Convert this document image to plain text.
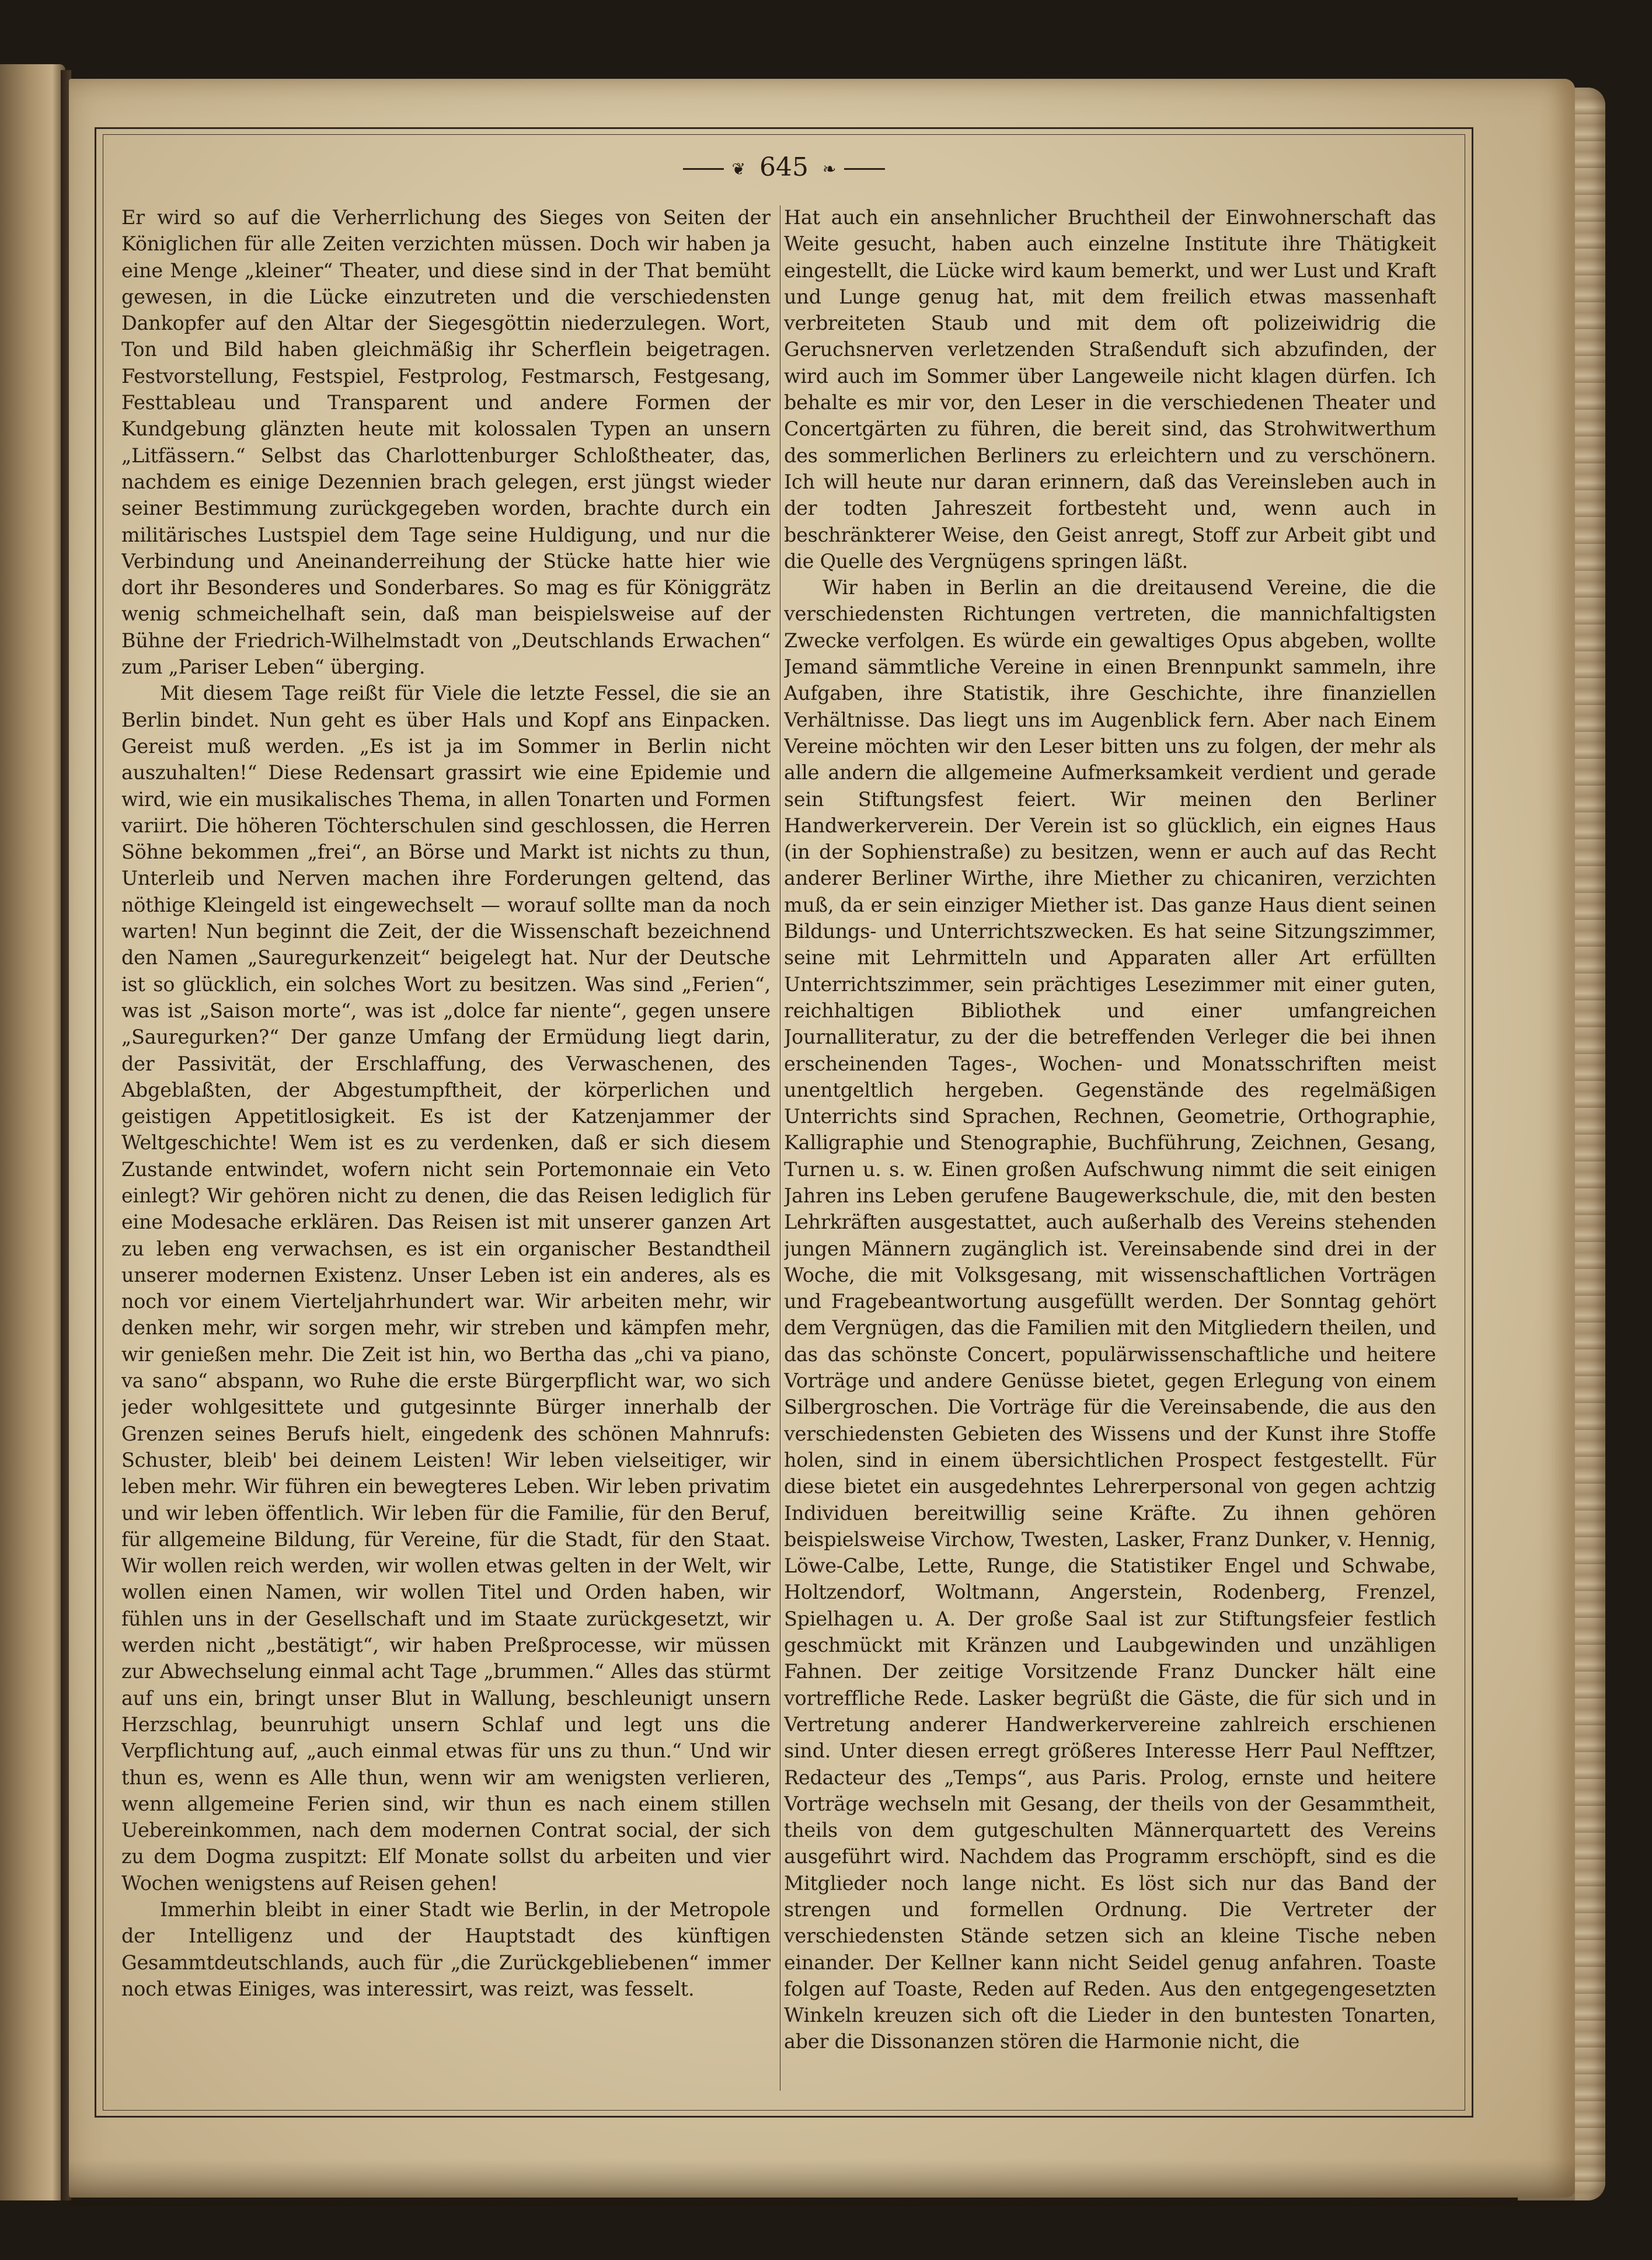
❦ 645 ❧

Er wird so auf die Verherrlichung des Sieges von Seiten der Königlichen für alle Zeiten verzichten müssen. Doch wir haben ja eine Menge „kleiner“ Theater, und diese sind in der That bemüht gewesen, in die Lücke einzutreten und die verschiedensten Dankopfer auf den Altar der Siegesgöttin niederzulegen. Wort, Ton und Bild haben gleichmäßig ihr Scherflein beigetragen. Festvorstellung, Festspiel, Festprolog, Festmarsch, Festgesang, Festtableau und Transparent und andere Formen der Kundgebung glänzten heute mit kolossalen Typen an unsern „Litfässern.“ Selbst das Charlottenburger Schloßtheater, das, nachdem es einige Dezennien brach gelegen, erst jüngst wieder seiner Bestimmung zurückgegeben worden, brachte durch ein militärisches Lustspiel dem Tage seine Huldigung, und nur die Verbindung und Aneinanderreihung der Stücke hatte hier wie dort ihr Besonderes und Sonderbares. So mag es für Königgrätz wenig schmeichelhaft sein, daß man beispielsweise auf der Bühne der Friedrich-Wilhelmstadt von „Deutschlands Erwachen“ zum „Pariser Leben“ überging.

Mit diesem Tage reißt für Viele die letzte Fessel, die sie an Berlin bindet. Nun geht es über Hals und Kopf ans Einpacken. Gereist muß werden. „Es ist ja im Sommer in Berlin nicht auszuhalten!“ Diese Redensart grassirt wie eine Epidemie und wird, wie ein musikalisches Thema, in allen Tonarten und Formen variirt. Die höheren Töchterschulen sind geschlossen, die Herren Söhne bekommen „frei“, an Börse und Markt ist nichts zu thun, Unterleib und Nerven machen ihre Forderungen geltend, das nöthige Kleingeld ist eingewechselt — worauf sollte man da noch warten! Nun beginnt die Zeit, der die Wissenschaft bezeichnend den Namen „Sauregurkenzeit“ beigelegt hat. Nur der Deutsche ist so glücklich, ein solches Wort zu besitzen. Was sind „Ferien“, was ist „Saison morte“, was ist „dolce far niente“, gegen unsere „Sauregurken?“ Der ganze Umfang der Ermüdung liegt darin, der Passivität, der Erschlaffung, des Verwaschenen, des Abgeblaßten, der Abgestumpftheit, der körperlichen und geistigen Appetitlosigkeit. Es ist der Katzenjammer der Weltgeschichte! Wem ist es zu verdenken, daß er sich diesem Zustande entwindet, wofern nicht sein Portemonnaie ein Veto einlegt? Wir gehören nicht zu denen, die das Reisen lediglich für eine Modesache erklären. Das Reisen ist mit unserer ganzen Art zu leben eng verwachsen, es ist ein organischer Bestandtheil unserer modernen Existenz. Unser Leben ist ein anderes, als es noch vor einem Vierteljahrhundert war. Wir arbeiten mehr, wir denken mehr, wir sorgen mehr, wir streben und kämpfen mehr, wir genießen mehr. Die Zeit ist hin, wo Bertha das „chi va piano, va sano“ abspann, wo Ruhe die erste Bürgerpflicht war, wo sich jeder wohlgesittete und gutgesinnte Bürger innerhalb der Grenzen seines Berufs hielt, eingedenk des schönen Mahnrufs: Schuster, bleib' bei deinem Leisten! Wir leben vielseitiger, wir leben mehr. Wir führen ein bewegteres Leben. Wir leben privatim und wir leben öffentlich. Wir leben für die Familie, für den Beruf, für allgemeine Bildung, für Vereine, für die Stadt, für den Staat. Wir wollen reich werden, wir wollen etwas gelten in der Welt, wir wollen einen Namen, wir wollen Titel und Orden haben, wir fühlen uns in der Gesellschaft und im Staate zurückgesetzt, wir werden nicht „bestätigt“, wir haben Preßprocesse, wir müssen zur Abwechselung einmal acht Tage „brummen.“ Alles das stürmt auf uns ein, bringt unser Blut in Wallung, beschleunigt unsern Herzschlag, beunruhigt unsern Schlaf und legt uns die Verpflichtung auf, „auch einmal etwas für uns zu thun.“ Und wir thun es, wenn es Alle thun, wenn wir am wenigsten verlieren, wenn allgemeine Ferien sind, wir thun es nach einem stillen Uebereinkommen, nach dem modernen Contrat social, der sich zu dem Dogma zuspitzt: Elf Monate sollst du arbeiten und vier Wochen wenigstens auf Reisen gehen!

Immerhin bleibt in einer Stadt wie Berlin, in der Metropole der Intelligenz und der Hauptstadt des künftigen Gesammtdeutschlands, auch für „die Zurückgebliebenen“ immer noch etwas Einiges, was interessirt, was reizt, was fesselt.

Hat auch ein ansehnlicher Bruchtheil der Einwohnerschaft das Weite gesucht, haben auch einzelne Institute ihre Thätigkeit eingestellt, die Lücke wird kaum bemerkt, und wer Lust und Kraft und Lunge genug hat, mit dem freilich etwas massenhaft verbreiteten Staub und mit dem oft polizeiwidrig die Geruchsnerven verletzenden Straßenduft sich abzufinden, der wird auch im Sommer über Langeweile nicht klagen dürfen. Ich behalte es mir vor, den Leser in die verschiedenen Theater und Concertgärten zu führen, die bereit sind, das Strohwitwerthum des sommerlichen Berliners zu erleichtern und zu verschönern. Ich will heute nur daran erinnern, daß das Vereinsleben auch in der todten Jahreszeit fortbesteht und, wenn auch in beschränkterer Weise, den Geist anregt, Stoff zur Arbeit gibt und die Quelle des Vergnügens springen läßt.

Wir haben in Berlin an die dreitausend Vereine, die die verschiedensten Richtungen vertreten, die mannichfaltigsten Zwecke verfolgen. Es würde ein gewaltiges Opus abgeben, wollte Jemand sämmtliche Vereine in einen Brennpunkt sammeln, ihre Aufgaben, ihre Statistik, ihre Geschichte, ihre finanziellen Verhältnisse. Das liegt uns im Augenblick fern. Aber nach Einem Vereine möchten wir den Leser bitten uns zu folgen, der mehr als alle andern die allgemeine Aufmerksamkeit verdient und gerade sein Stiftungsfest feiert. Wir meinen den Berliner Handwerkerverein. Der Verein ist so glücklich, ein eignes Haus (in der Sophienstraße) zu besitzen, wenn er auch auf das Recht anderer Berliner Wirthe, ihre Miether zu chicaniren, verzichten muß, da er sein einziger Miether ist. Das ganze Haus dient seinen Bildungs- und Unterrichtszwecken. Es hat seine Sitzungszimmer, seine mit Lehrmitteln und Apparaten aller Art erfüllten Unterrichtszimmer, sein prächtiges Lesezimmer mit einer guten, reichhaltigen Bibliothek und einer umfangreichen Journalliteratur, zu der die betreffenden Verleger die bei ihnen erscheinenden Tages-, Wochen- und Monatsschriften meist unentgeltlich hergeben. Gegenstände des regelmäßigen Unterrichts sind Sprachen, Rechnen, Geometrie, Orthographie, Kalligraphie und Stenographie, Buchführung, Zeichnen, Gesang, Turnen u. s. w. Einen großen Aufschwung nimmt die seit einigen Jahren ins Leben gerufene Baugewerkschule, die, mit den besten Lehrkräften ausgestattet, auch außerhalb des Vereins stehenden jungen Männern zugänglich ist. Vereinsabende sind drei in der Woche, die mit Volksgesang, mit wissenschaftlichen Vorträgen und Fragebeantwortung ausgefüllt werden. Der Sonntag gehört dem Vergnügen, das die Familien mit den Mitgliedern theilen, und das das schönste Concert, populärwissenschaftliche und heitere Vorträge und andere Genüsse bietet, gegen Erlegung von einem Silbergroschen. Die Vorträge für die Vereinsabende, die aus den verschiedensten Gebieten des Wissens und der Kunst ihre Stoffe holen, sind in einem übersichtlichen Prospect festgestellt. Für diese bietet ein ausgedehntes Lehrerpersonal von gegen achtzig Individuen bereitwillig seine Kräfte. Zu ihnen gehören beispielsweise Virchow, Twesten, Lasker, Franz Dunker, v. Hennig, Löwe-Calbe, Lette, Runge, die Statistiker Engel und Schwabe, Holtzendorf, Woltmann, Angerstein, Rodenberg, Frenzel, Spielhagen u. A. Der große Saal ist zur Stiftungsfeier festlich geschmückt mit Kränzen und Laubgewinden und unzähligen Fahnen. Der zeitige Vorsitzende Franz Duncker hält eine vortreffliche Rede. Lasker begrüßt die Gäste, die für sich und in Vertretung anderer Handwerkervereine zahlreich erschienen sind. Unter diesen erregt größeres Interesse Herr Paul Nefftzer, Redacteur des „Temps“, aus Paris. Prolog, ernste und heitere Vorträge wechseln mit Gesang, der theils von der Gesammtheit, theils von dem gutgeschulten Männerquartett des Vereins ausgeführt wird. Nachdem das Programm erschöpft, sind es die Mitglieder noch lange nicht. Es löst sich nur das Band der strengen und formellen Ordnung. Die Vertreter der verschiedensten Stände setzen sich an kleine Tische neben einander. Der Kellner kann nicht Seidel genug anfahren. Toaste folgen auf Toaste, Reden auf Reden. Aus den entgegengesetzten Winkeln kreuzen sich oft die Lieder in den buntesten Tonarten, aber die Dissonanzen stören die Harmonie nicht, die
